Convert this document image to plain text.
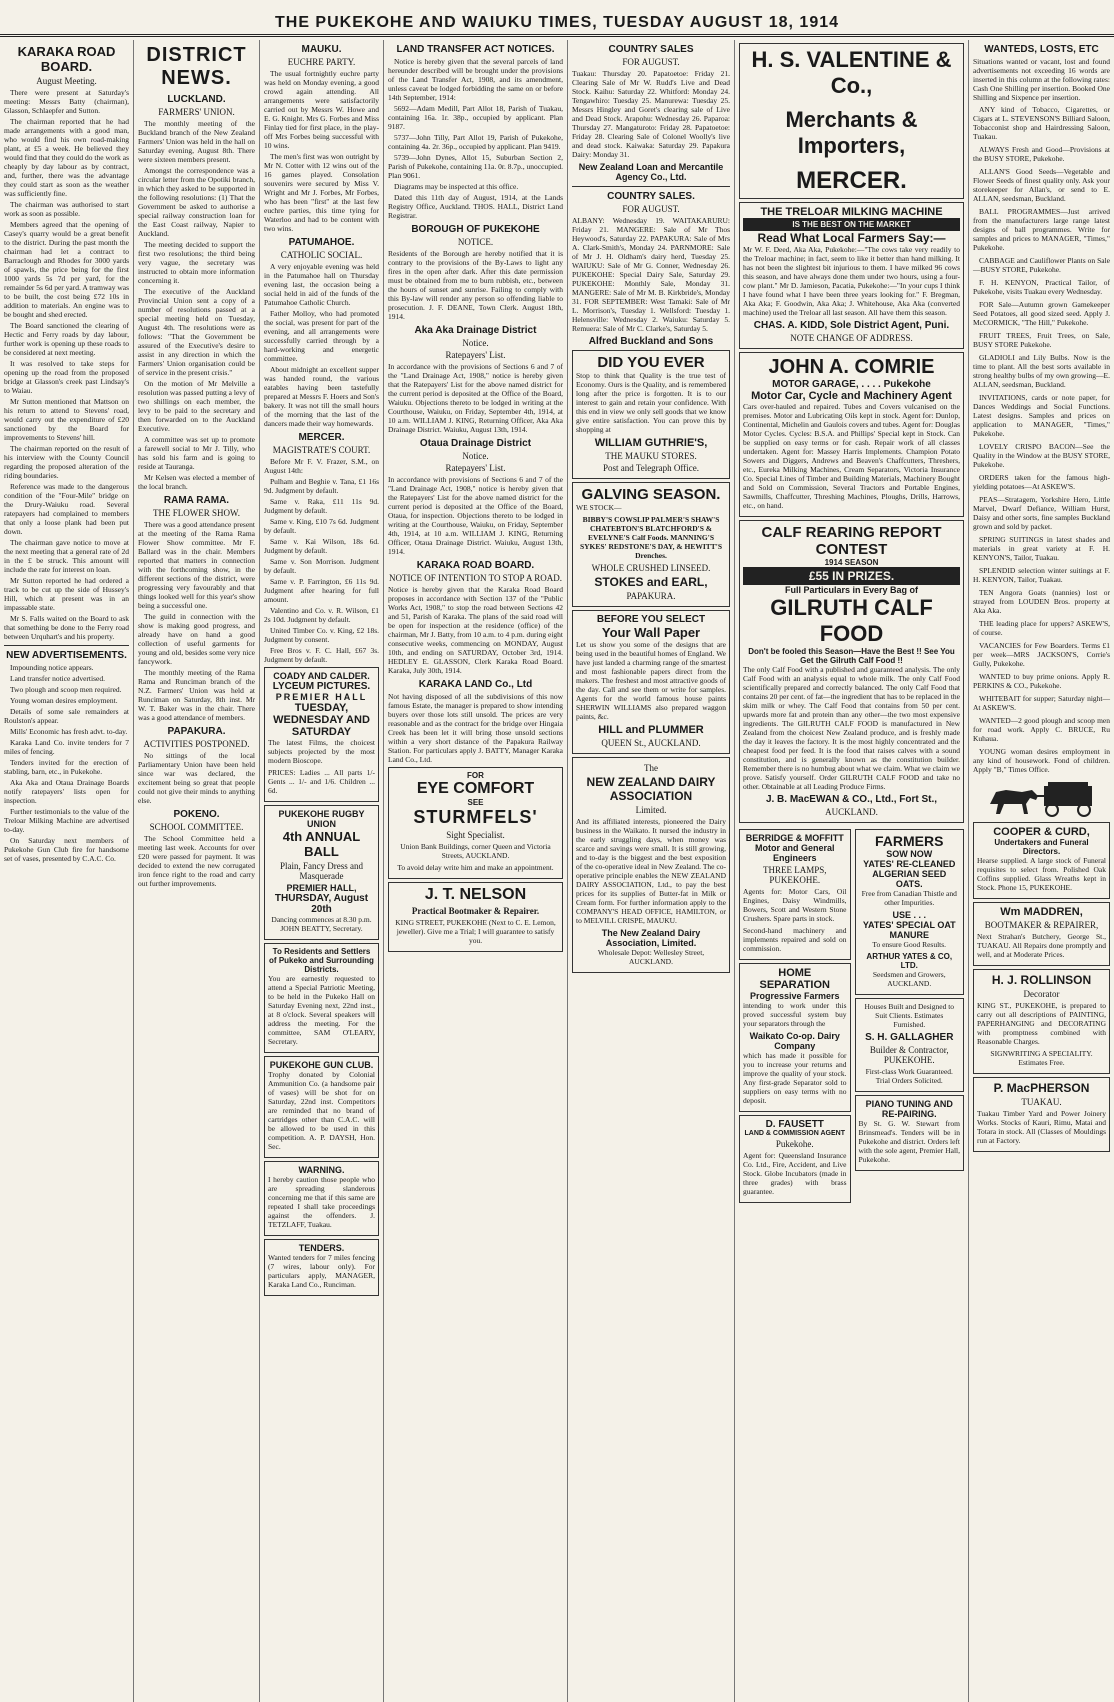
THE PUKEKOHE AND WAIUKU TIMES, TUESDAY AUGUST 18, 1914
KARAKA ROAD BOARD.
August Meeting.

There were present at Saturday's meeting: Messrs Batty (chairman), Glasson, Schlaepfer and Sutton.

The chairman reported that he had made arrangements with a good man, who would find his own road-making plant, at £5 a week. He believed they would find that they could do the work as cheaply by day labour as by contract, and, further, there was the advantage they could start as soon as the weather was sufficiently fine.

The chairman was authorised to start work as soon as possible.

Members agreed that the opening of Casey's quarry would be a great benefit to the district. During the past month the chairman had let a contract to Barraclough and Rhodes for 3000 yards of spawls, the price being for the first 1000 yards 5s 7d per yard, for the remainder 5s 6d per yard. A tramway was to be built, the cost being £72 10s in addition to materials. An engine was to be bought and shed erected.

The Board sanctioned the clearing of Hectic and Ferry roads by day labour, further work is opening up these roads to be considered at next meeting.

It was resolved to take steps for opening up the road from the proposed bridge at Glasson's creek past Lindsay's to Waiau.

Mr Sutton mentioned that Mattson on his return to attend to Stevens' road, would carry out the expenditure of £20 sanctioned by the Board for improvements to Stevens' hill.

The chairman reported on the result of his interview with the County Council regarding the proposed alteration of the riding boundaries.

Reference was made to the dangerous condition of the "Four-Mile" bridge on the Drury-Waiuku road. Several ratepayers had complained to members that only a loose plank had been put down.

The chairman gave notice to move at the next meeting that a general rate of 2d in the £ be struck. This amount will include the rate for interest on loan.

Mr Sutton reported he had ordered a track to be cut up the side of Hussey's Hill, which at present was in an impassable state.

Mr S. Falls waited on the Board to ask that something be done to the Ferry road between Urquhart's and his property.

NEW ADVERTISEMENTS.

Impounding notice appears.

Land transfer notice advertised.

Two plough and scoop men required.

Young woman desires employment.

Details of some sale remainders at Roulston's appear.

Mills' Economic has fresh advt. to-day.

Karaka Land Co. invite tenders for 7 miles of fencing.

Tenders invited for the erection of stabling, barn, etc., in Pukekohe.

Aka Aka and Otaua Drainage Boards notify ratepayers' lists open for inspection.

Further testimonials to the value of the Treloar Milking Machine are advertised to-day.

On Saturday next members of Pukekohe Gun Club fire for handsome set of vases, presented by C.A.C. Co.

DISTRICT NEWS.
LUCKLAND.
FARMERS' UNION.

The monthly meeting of the Buckland branch of the New Zealand Farmers' Union was held in the hall on Saturday evening, August 8th. There were sixteen members present.

Amongst the correspondence was a circular letter from the Opotiki branch, in which they asked to be supported in the following resolutions: (1) That the Government be asked to authorise a special railway construction loan for the East Coast railway, Napier to Auckland.

The meeting decided to support the first two resolutions; the third being very vague, the secretary was instructed to obtain more information concerning it.

The executive of the Auckland Provincial Union sent a copy of a number of resolutions passed at a special meeting held on Tuesday, August 4th. The resolutions were as follows: "That the Government be assured of the Executive's desire to assist in any direction in which the Farmers' Union organisation could be of service in the present crisis."

On the motion of Mr Melville a resolution was passed putting a levy of two shillings on each member, the levy to be paid to the secretary and then forwarded on to the Auckland Executive.

A committee was set up to promote a farewell social to Mr J. Tilly, who has sold his farm and is going to reside at Tauranga.

Mr Kelsen was elected a member of the local branch.

RAMA RAMA.
THE FLOWER SHOW.

There was a good attendance present at the meeting of the Rama Rama Flower Show committee. Mr F. Ballard was in the chair. Members reported that matters in connection with the forthcoming show, in the different sections of the district, were progressing very favourably and that things looked well for this year's show being a successful one.

The guild in connection with the show is making good progress, and already have on hand a good collection of useful garments for young and old, besides some very nice fancywork.

The monthly meeting of the Rama Rama and Runciman branch of the N.Z. Farmers' Union was held at Runciman on Saturday, 8th inst. Mr W. T. Baker was in the chair. There was a good attendance of members.

PAPAKURA.
ACTIVITIES POSTPONED.

No sittings of the local Parliamentary Union have been held since war was declared, the excitement being so great that people could not give their minds to anything else.

POKENO.
SCHOOL COMMITTEE.

The School Committee held a meeting last week. Accounts for over £20 were passed for payment. It was decided to extend the new corrugated iron fence right to the road and carry out further improvements.

MAUKU.
EUCHRE PARTY.

The usual fortnightly euchre party was held on Monday evening, a good crowd again attending. All arrangements were satisfactorily carried out by Messrs W. Howe and E. G. Knight. Mrs G. Forbes and Miss Finlay tied for first place, in the play-off Mrs Forbes being successful with 10 wins.

The men's first was won outright by Mr N. Cotter with 12 wins out of the 16 games played. Consolation souvenirs were secured by Miss V. Wright and Mr J. Forbes, Mr Forbes, who has been "first" at the last few euchre parties, this time tying for Waterloo and had to be content with two wins.

PATUMAHOE.
CATHOLIC SOCIAL.

A very enjoyable evening was held in the Patumahoe hall on Thursday evening last, the occasion being a social held in aid of the funds of the Patumahoe Catholic Church.

Father Molloy, who had promoted the social, was present for part of the evening, and all arrangements were successfully carried through by a hard-working and energetic committee.

About midnight an excellent supper was handed round, the various eatables having been tastefully prepared at Messrs F. Hoers and Son's bakery. It was not till the small hours of the morning that the last of the dancers made their way homewards.

MERCER.
MAGISTRATE'S COURT.

Before Mr F. V. Frazer, S.M., on August 14th:

Pulham and Beghie v. Tana, £1 16s 9d. Judgment by default.

Same v. Raka, £11 11s 9d. Judgment by default.

Same v. King, £10 7s 6d. Judgment by default.

Same v. Kai Wilson, 18s 6d. Judgment by default.

Same v. Son Morrison. Judgment by default.

Same v. P. Farrington, £6 11s 9d. Judgment after hearing for full amount.

Valentino and Co. v. R. Wilson, £1 2s 10d. Judgment by default.

United Timber Co. v. King, £2 18s. Judgment by consent.

Free Bros v. F. C. Hall, £67 3s. Judgment by default.

COADY AND CALDER.
LYCEUM PICTURES.
PREMIER HALL
TUESDAY, WEDNESDAY AND SATURDAY
The latest Films, the choicest subjects projected by the most modern Bioscope.
PRICES: Ladies ... All parts 1/- Gents ... 1/- and 1/6. Children ... 6d.
PUKEKOHE RUGBY UNION
4th ANNUAL BALL
Plain, Fancy Dress and Masquerade
PREMIER HALL,
THURSDAY, August 20th
Dancing commences at 8.30 p.m. JOHN BEATTY, Secretary.
To Residents and Settlers of Pukeko and Surrounding Districts.
You are earnestly requested to attend a Special Patriotic Meeting, to be held in the Pukeko Hall on Saturday Evening next, 22nd inst., at 8 o'clock. Several speakers will address the meeting. For the committee, SAM O'LEARY, Secretary.
PUKEKOHE GUN CLUB.
Trophy donated by Colonial Ammunition Co. (a handsome pair of vases) will be shot for on Saturday, 22nd inst. Competitors are reminded that no brand of cartridges other than C.A.C. will be allowed to be used in this competition. A. P. DAYSH, Hon. Sec.
WARNING.
I hereby caution those people who are spreading slanderous concerning me that if this same are repeated I shall take proceedings against the offenders. J. TETZLAFF, Tuakau.
TENDERS.
Wanted tenders for 7 miles fencing (7 wires, labour only). For particulars apply, MANAGER, Karaka Land Co., Runciman.
LAND TRANSFER ACT NOTICES.

Notice is hereby given that the several parcels of land hereunder described will be brought under the provisions of the Land Transfer Act, 1908, and its amendment, unless caveat be lodged forbidding the same on or before 14th September, 1914:

5692—Adam Medill, Part Allot 18, Parish of Tuakau, containing 16a. 1r. 38p., occupied by applicant. Plan 9187.

5737—John Tilly, Part Allot 19, Parish of Pukekohe, containing 4a. 2r. 36p., occupied by applicant. Plan 9419.

5739—John Dynes, Allot 15, Suburban Section 2, Parish of Pukekohe, containing 11a. 0r. 8.7p., unoccupied. Plan 9061.

Diagrams may be inspected at this office.

Dated this 11th day of August, 1914, at the Lands Registry Office, Auckland. THOS. HALL, District Land Registrar.

BOROUGH OF PUKEKOHE
NOTICE.
Residents of the Borough are hereby notified that it is contrary to the provisions of the By-Laws to light any fires in the open after dark. After this date permission must be obtained from me to burn rubbish, etc., between the hours of sunset and sunrise. Failing to comply with this By-law will render any person so offending liable to prosecution. J. F. DEANE, Town Clerk. August 18th, 1914.
Aka Aka Drainage District
Notice.
Ratepayers' List.
In accordance with the provisions of Sections 6 and 7 of the "Land Drainage Act, 1908," notice is hereby given that the Ratepayers' List for the above named district for the current period is deposited at the Office of the Board, Waiuku. Objections thereto to be lodged in writing at the Courthouse, Waiuku, on Friday, September 4th, 1914, at 10 a.m. WILLIAM J. KING, Returning Officer, Aka Aka Drainage District. Waiuku, August 13th, 1914.
Otaua Drainage District
Notice.
Ratepayers' List.
In accordance with provisions of Sections 6 and 7 of the "Land Drainage Act, 1908," notice is hereby given that the Ratepayers' List for the above named district for the current period is deposited at the Office of the Board, Otaua, for inspection. Objections thereto to be lodged in writing at the Courthouse, Waiuku, on Friday, September 4th, 1914, at 10 a.m. WILLIAM J. KING, Returning Officer, Otaua Drainage District. Waiuku, August 13th, 1914.
KARAKA ROAD BOARD.
NOTICE OF INTENTION TO STOP A ROAD.
Notice is hereby given that the Karaka Road Board proposes in accordance with Section 137 of the "Public Works Act, 1908," to stop the road between Sections 42 and 51, Parish of Karaka. The plans of the said road will be open for inspection at the residence (office) of the chairman, Mr J. Batty, from 10 a.m. to 4 p.m. during eight consecutive weeks, commencing on MONDAY, August 10th, and ending on SATURDAY, October 3rd, 1914. HEDLEY E. GLASSON, Clerk Karaka Road Board. Karaka, July 30th, 1914.
KARAKA LAND Co., Ltd
Not having disposed of all the subdivisions of this now famous Estate, the manager is prepared to show intending buyers over those lots still unsold. The prices are very reasonable and as the contract for the bridge over Hingaia Creek has been let it will bring those unsold sections within a very short distance of the Papakura Railway Station. For particulars apply J. BATTY, Manager Karaka Land Co., Ltd.
FOR
EYE COMFORT
SEE
STURMFELS'
Sight Specialist.
Union Bank Buildings, corner Queen and Victoria Streets, AUCKLAND.
To avoid delay write him and make an appointment.
J. T. NELSON
Practical Bootmaker & Repairer.
KING STREET, PUKEKOHE (Next to C. E. Lemon, jeweller). Give me a Trial; I will guarantee to satisfy you.
COUNTRY SALES
FOR AUGUST.
Tuakau: Thursday 20. Papatoetoe: Friday 21. Clearing Sale of Mr W. Rudd's Live and Dead Stock. Kaihu: Saturday 22. Whitford: Monday 24. Tengawhiro: Tuesday 25. Manurewa: Tuesday 25. Messrs Hingley and Goret's clearing sale of Live and Dead Stock. Arapohu: Wednesday 26. Paparoa: Thursday 27. Mangaturoto: Friday 28. Papatoetoe: Friday 28. Clearing Sale of Colonel Woolly's live and dead stock. Kaiwaka: Saturday 29. Papakura Dairy: Monday 31.
New Zealand Loan and Mercantile Agency Co., Ltd.
COUNTRY SALES.
FOR AUGUST.
ALBANY: Wednesday 19. WAITAKARURU: Friday 21. MANGERE: Sale of Mr Thos Heywood's, Saturday 22. PAPAKURA: Sale of Mrs A. Clark-Smith's, Monday 24. PARNMORE: Sale of Mr J. H. Oldham's dairy herd, Tuesday 25. WAIUKU: Sale of Mr G. Conner, Wednesday 26. PUKEKOHE: Special Dairy Sale, Saturday 29. PUKEKOHE: Monthly Sale, Monday 31. MANGERE: Sale of Mr M. B. Kirkbride's, Monday 31. FOR SEPTEMBER: West Tamaki: Sale of Mr L. Morrison's, Tuesday 1. Wellsford: Tuesday 1. Helensville: Wednesday 2. Waiuku: Saturday 5. Remuera: Sale of Mr C. Clarke's, Saturday 5.
Alfred Buckland and Sons
DID YOU EVER
Stop to think that Quality is the true test of Economy. Ours is the Quality, and is remembered long after the price is forgotten. It is to our interest to gain and retain your confidence. With this end in view we only sell goods that we know give entire satisfaction. You can prove this by shopping at
WILLIAM GUTHRIE'S,
THE MAUKU STORES.
Post and Telegraph Office.
GALVING SEASON.
WE STOCK—
BIBBY'S COWSLIP PALMER'S SHAW'S CHATEBTON'S BLATCHFORD'S & EVELYNE'S Calf Foods. MANNING'S SYKES' REDSTONE'S DAY, & HEWITT'S Drenches.
WHOLE CRUSHED LINSEED.
STOKES and EARL,
PAPAKURA.
BEFORE YOU SELECT
Your Wall Paper
Let us show you some of the designs that are being used in the beautiful homes of England. We have just landed a charming range of the smartest and most fashionable papers direct from the makers. The freshest and most attractive goods of the day. Call and see them or write for samples. Agents for the world famous house paints SHERWIN WILLIAMS also prepared waggon paints, &c.
HILL and PLUMMER
QUEEN St., AUCKLAND.
The
NEW ZEALAND DAIRY ASSOCIATION
Limited.
And its affiliated interests, pioneered the Dairy business in the Waikato. It nursed the industry in the early struggling days, when money was scarce and savings were small. It is still growing, and to-day is the biggest and the best exposition of the co-operative ideal in New Zealand. The co-operative principle enables the NEW ZEALAND DAIRY ASSOCIATION, Ltd., to pay the best prices for its supplies of Butter-fat in Milk or Cream form. For further information apply to the COMPANY'S HEAD OFFICE, HAMILTON, or to MELVILL CRISPE, MAUKU.
The New Zealand Dairy Association, Limited.
Wholesale Depot: Wellesley Street, AUCKLAND.
H. S. VALENTINE & Co.,
Merchants & Importers,
MERCER.
THE TRELOAR MILKING MACHINE
IS THE BEST ON THE MARKET
Read What Local Farmers Say:—
Mr W. F. Deed, Aka Aka, Pukekohe:—"The cows take very readily to the Treloar machine; in fact, seem to like it better than hand milking. It has not been the slightest bit injurious to them. I have milked 96 cows this season, and have always done them under two hours, using a four-cow plant." Mr D. Jamieson, Pacatia, Pukekohe:—"In your cups I think I have found what I have been three years looking for." F. Bregman, Aka Aka; F. Goodwin, Aka Aka; J. Whitehouse, Aka Aka (converted machine) used the Treloar all last season. All have them this season.
CHAS. A. KIDD, Sole District Agent, Puni.
NOTE CHANGE OF ADDRESS.
JOHN A. COMRIE
MOTOR GARAGE, . . . . Pukekohe
Motor Car, Cycle and Machinery Agent
Cars over-hauled and repaired. Tubes and Covers vulcanised on the premises. Motor and Lubricating Oils kept in stock. Agent for: Dunlop, Continental, Michelin and Gaulois covers and tubes. Agent for: Douglas Motor Cycles. Cycles: B.S.A. and Phillips' Special kept in Stock. Can be supplied on easy terms or for cash. Repair work of all classes undertaken. Agent for: Massey Harris Implements. Champion Potato Sowers and Diggers, Andrews and Beaven's Chaffcutters, Threshers, etc., Eureka Milking Machines, Cream Separators, Victoria Insurance Co. Special Lines of Timber and Building Materials, Machinery Bought and Sold on Commission, Several Tractors and Portable Engines, Sawmills, Chaffcutter, Threshing Machines, Ploughs, Drills, Harrows, etc., on hand.
CALF REARING REPORT CONTEST
1914 SEASON
£55 IN PRIZES.
Full Particulars in Every Bag of
GILRUTH CALF FOOD
Don't be fooled this Season—Have the Best !! See You Get the Gilruth Calf Food !!
The only Calf Food with a published and guaranteed analysis. The only Calf Food with an analysis equal to whole milk. The only Calf Food scientifically prepared and correctly balanced. The only Calf Food that contains 20 per cent. of fat—the ingredient that has to be replaced in the skim milk or whey. The Calf Food that contains from 50 per cent. upwards more fat and protein than any other—the two most expensive ingredients. The GILRUTH CALF FOOD is manufactured in New Zealand from the choicest New Zealand produce, and is freshly made the day it leaves the factory. It is the most highly concentrated and the cheapest food per feed. It is the food that raises calves with a sound constitution, and is generally known as the constitution builder. Remember there is no humbug about what we claim. What we claim we prove. Satisfy yourself. Order GILRUTH CALF FOOD and take no other. Obtainable at all Leading Produce Firms.
J. B. MacEWAN & CO., Ltd., Fort St.,
AUCKLAND.
BERRIDGE & MOFFITT
Motor and General Engineers
THREE LAMPS, PUKEKOHE.
Agents for: Motor Cars, Oil Engines, Daisy Windmills, Bowers, Scott and Western Stone Crushers. Spare parts in stock.
Second-hand machinery and implements repaired and sold on commission.
HOME SEPARATION
Progressive Farmers
intending to work under this proved successful system buy your separators through the
Waikato Co-op. Dairy Company
which has made it possible for you to increase your returns and improve the quality of your stock. Any first-grade Separator sold to suppliers on easy terms with no deposit.
D. FAUSETT
LAND & COMMISSION AGENT
Pukekohe.
Agent for: Queensland Insurance Co. Ltd., Fire, Accident, and Live Stock. Globe Incubators (made in three grades) with brass guarantee.
FARMERS
SOW NOW
YATES' RE-CLEANED ALGERIAN SEED OATS.
Free from Canadian Thistle and other Impurities.
USE . . .
YATES' SPECIAL OAT MANURE
To ensure Good Results.
ARTHUR YATES & CO, LTD.
Seedsmen and Growers, AUCKLAND.
Houses Built and Designed to Suit Clients. Estimates Furnished.
S. H. GALLAGHER
Builder & Contractor, PUKEKOHE.
First-class Work Guaranteed. Trial Orders Solicited.
PIANO TUNING AND RE-PAIRING.
By St. G. W. Stewart from Brinsmead's. Tenders will be in Pukekohe and district. Orders left with the sole agent, Premier Hall, Pukekohe.
WANTEDS, LOSTS, ETC
Situations wanted or vacant, lost and found advertisements not exceeding 16 words are inserted in this column at the following rates: Cash One Shilling per insertion. Booked One Shilling and Sixpence per insertion.

ANY kind of Tobacco, Cigarettes, or Cigars at L. STEVENSON'S Billiard Saloon, Tobacconist shop and Hairdressing Saloon, Tuakau.

ALWAYS Fresh and Good—Provisions at the BUSY STORE, Pukekohe.

ALLAN'S Good Seeds—Vegetable and Flower Seeds of finest quality only. Ask your storekeeper for Allan's, or send to E. ALLAN, seedsman, Buckland.

BALL PROGRAMMES—Just arrived from the manufacturers large range latest designs of ball programmes. Write for samples and prices to MANAGER, "Times," Pukekohe.

CABBAGE and Cauliflower Plants on Sale—BUSY STORE, Pukekohe.

F. H. KENYON, Practical Tailor, of Pukekohe, visits Tuakau every Wednesday.

FOR Sale—Autumn grown Gamekeeper Seed Potatoes, all good sized seed. Apply J. McCORMICK, "The Hill," Pukekohe.

FRUIT TREES, Fruit Trees, on Sale, BUSY STORE Pukekohe.

GLADIOLI and Lily Bulbs. Now is the time to plant. All the best sorts available in strong healthy bulbs of my own growing—E. ALLAN, seedsman, Buckland.

INVITATIONS, cards or note paper, for Dances Weddings and Social Functions. Latest designs. Samples and prices on application to MANAGER, "Times," Pukekohe.

LOVELY CRISPO BACON—See the Quality in the Window at the BUSY STORE, Pukekohe.

ORDERS taken for the famous high-yielding potatoes—At ASKEW'S.

PEAS—Stratagem, Yorkshire Hero, Little Marvel, Dwarf Defiance, William Hurst, Daisy and other sorts, fine samples Buckland grown and sold by packet.

SPRING SUITINGS in latest shades and materials in great variety at F. H. KENYON'S, Tailor, Tuakau.

SPLENDID selection winter suitings at F. H. KENYON, Tailor, Tuakau.

TEN Angora Goats (nannies) lost or strayed from LOUDEN Bros. property at Aka Aka.

THE leading place for uppers? ASKEW'S, of course.

VACANCIES for Few Boarders. Terms £1 per week—MRS JACKSON'S, Corrie's Gully, Pukekohe.

WANTED to buy prime onions. Apply R. PERKINS & CO., Pukekohe.

WHITEBAIT for supper; Saturday night—At ASKEW'S.

WANTED—2 good plough and scoop men for road work. Apply C. BRUCE, Ru Kuhaua.

YOUNG woman desires employment in any kind of housework. Fond of children. Apply "B," Times Office.

COOPER & CURD,
Undertakers and Funeral Directors.
Hearse supplied. A large stock of Funeral requisites to select from. Polished Oak Coffins supplied. Glass Wreaths kept in Stock. Phone 15, PUKEKOHE.
Wm MADDREN,
BOOTMAKER & REPAIRER,
Next Strahan's Butchery, George St., TUAKAU. All Repairs done promptly and well, and at Moderate Prices.
H. J. ROLLINSON
Decorator
KING ST., PUKEKOHE, is prepared to carry out all descriptions of PAINTING, PAPERHANGING and DECORATING with promptness combined with Reasonable Charges.
SIGNWRITING A SPECIALITY. Estimates Free.
P. MacPHERSON
TUAKAU.
Tuakau Timber Yard and Power Joinery Works. Stocks of Kauri, Rimu, Matai and Totara in stock. All (Classes of Mouldings run at Factory.
